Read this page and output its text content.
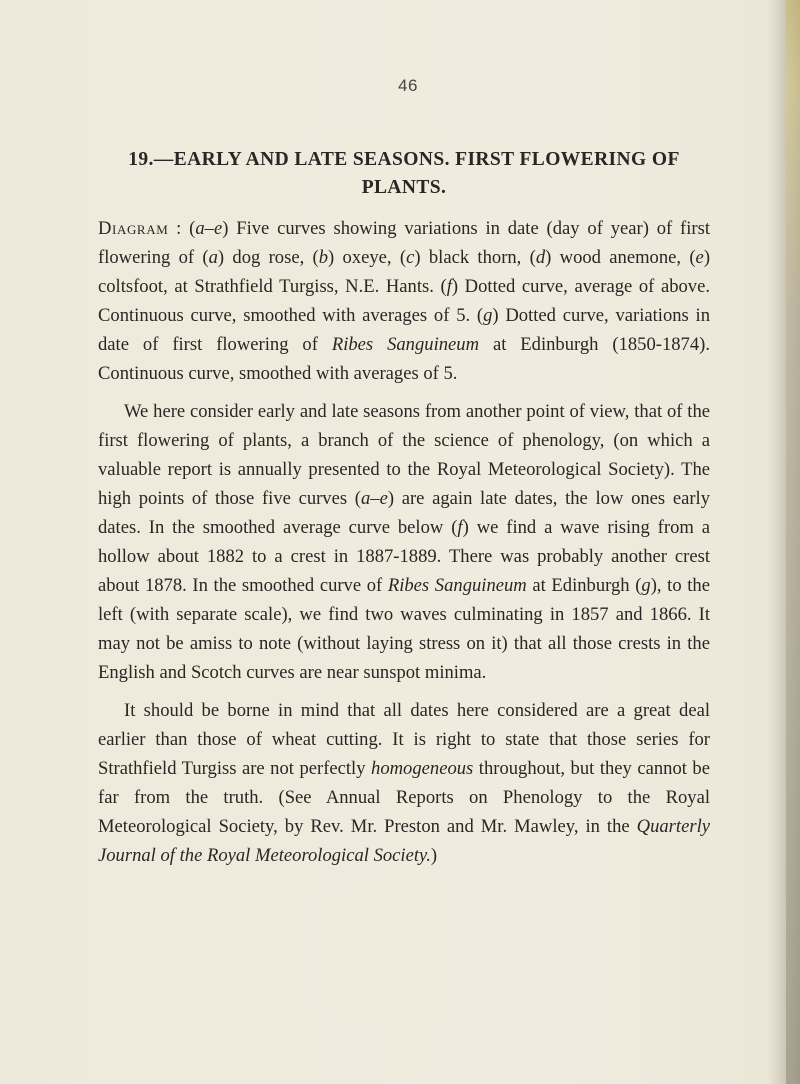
46
19.—EARLY AND LATE SEASONS. FIRST FLOWERING OF PLANTS.

Diagram : (a–e) Five curves showing variations in date (day of year) of first flowering of (a) dog rose, (b) oxeye, (c) black thorn, (d) wood anemone, (e) coltsfoot, at Strathfield Turgiss, N.E. Hants. (f) Dotted curve, average of above. Continuous curve, smoothed with averages of 5. (g) Dotted curve, variations in date of first flowering of Ribes Sanguineum at Edinburgh (1850-1874). Continuous curve, smoothed with averages of 5.

We here consider early and late seasons from another point of view, that of the first flowering of plants, a branch of the science of phenology, (on which a valuable report is annually presented to the Royal Meteorological Society). The high points of those five curves (a–e) are again late dates, the low ones early dates. In the smoothed average curve below (f) we find a wave rising from a hollow about 1882 to a crest in 1887-1889. There was probably another crest about 1878. In the smoothed curve of Ribes Sanguineum at Edinburgh (g), to the left (with separate scale), we find two waves culminating in 1857 and 1866. It may not be amiss to note (without laying stress on it) that all those crests in the English and Scotch curves are near sunspot minima.

It should be borne in mind that all dates here considered are a great deal earlier than those of wheat cutting. It is right to state that those series for Strathfield Turgiss are not perfectly homogeneous throughout, but they cannot be far from the truth. (See Annual Reports on Phenology to the Royal Meteorological Society, by Rev. Mr. Preston and Mr. Mawley, in the Quarterly Journal of the Royal Meteorological Society.)
